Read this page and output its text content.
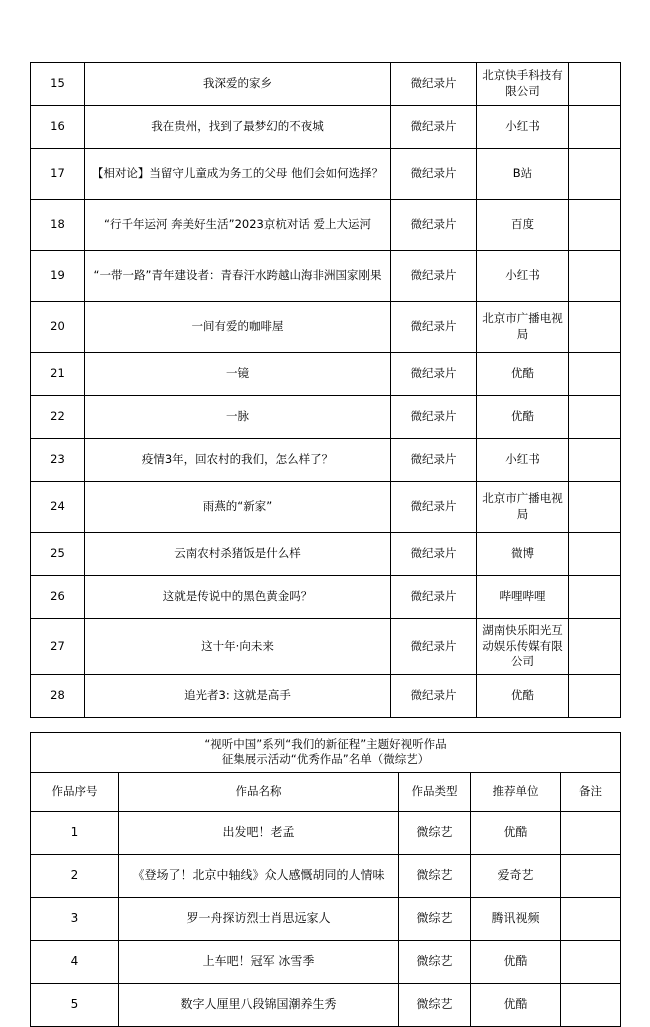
15	我深爱的家乡	微纪录片	北京快手科技有限公司	
16	我在贵州，找到了最梦幻的不夜城	微纪录片	小红书	
17	【相对论】当留守儿童成为务工的父母 他们会如何选择？	微纪录片	B站	
18	“行千年运河 奔美好生活”2023京杭对话 爱上大运河	微纪录片	百度	
19	“一带一路”青年建设者：青春汗水跨越山海非洲国家刚果	微纪录片	小红书	
20	一间有爱的咖啡屋	微纪录片	北京市广播电视局	
21	一镜	微纪录片	优酷	
22	一脉	微纪录片	优酷	
23	疫情3年，回农村的我们，怎么样了？	微纪录片	小红书	
24	雨燕的“新家”	微纪录片	北京市广播电视局	
25	云南农村杀猪饭是什么样	微纪录片	微博	
26	这就是传说中的黑色黄金吗？	微纪录片	哔哩哔哩	
27	这十年·向未来	微纪录片	湖南快乐阳光互动娱乐传媒有限公司	
28	追光者3: 这就是高手	微纪录片	优酷	
“视听中国”系列“我们的新征程”主题好视听作品
征集展示活动“优秀作品”名单（微综艺）				

作品序号	作品名称	作品类型	推荐单位	备注
1	出发吧！老孟	微综艺	优酷	
2	《登场了！北京中轴线》众人感慨胡同的人情味	微综艺	爱奇艺	
3	罗一舟探访烈士肖思远家人	微综艺	腾讯视频	
4	上车吧！冠军 冰雪季	微综艺	优酷	
5	数字人厘里八段锦国潮养生秀	微综艺	优酷	
